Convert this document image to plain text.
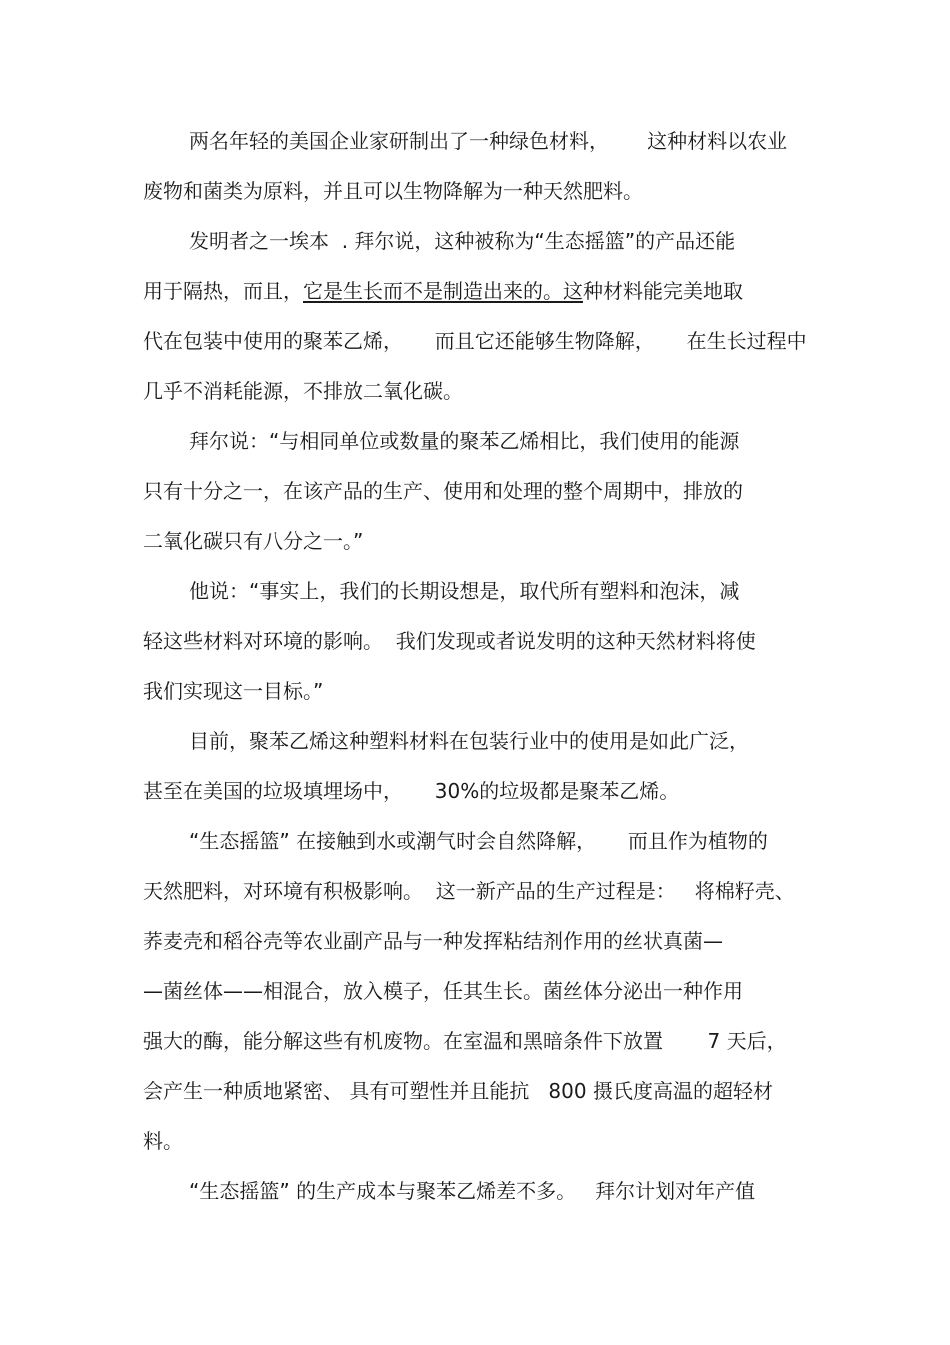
两名年轻的美国企业家研制出了一种绿色材料，      这种材料以农业
废物和菌类为原料，并且可以生物降解为一种天然肥料。
发明者之一埃本  . 拜尔说，这种被称为“生态摇篮”的产品还能
用于隔热，而且，它是生长而不是制造出来的。这种材料能完美地取
代在包装中使用的聚苯乙烯，     而且它还能够生物降解，     在生长过程中
几乎不消耗能源，不排放二氧化碳。
拜尔说：“与相同单位或数量的聚苯乙烯相比，我们使用的能源
只有十分之一，在该产品的生产、使用和处理的整个周期中，排放的
二氧化碳只有八分之一。”
他说：“事实上，我们的长期设想是，取代所有塑料和泡沫，减
轻这些材料对环境的影响。  我们发现或者说发明的这种天然材料将使
我们实现这一目标。”
目前，聚苯乙烯这种塑料材料在包装行业中的使用是如此广泛，
甚至在美国的垃圾填埋场中，     30%的垃圾都是聚苯乙烯。
“生态摇篮” 在接触到水或潮气时会自然降解，     而且作为植物的
天然肥料，对环境有积极影响。  这一新产品的生产过程是：   将棉籽壳、
荞麦壳和稻谷壳等农业副产品与一种发挥粘结剂作用的丝状真菌—
—菌丝体——相混合，放入模子，任其生长。菌丝体分泌出一种作用
强大的酶，能分解这些有机废物。在室温和黑暗条件下放置       7 天后，
会产生一种质地紧密、 具有可塑性并且能抗   800 摄氏度高温的超轻材
料。
“生态摇篮” 的生产成本与聚苯乙烯差不多。   拜尔计划对年产值
